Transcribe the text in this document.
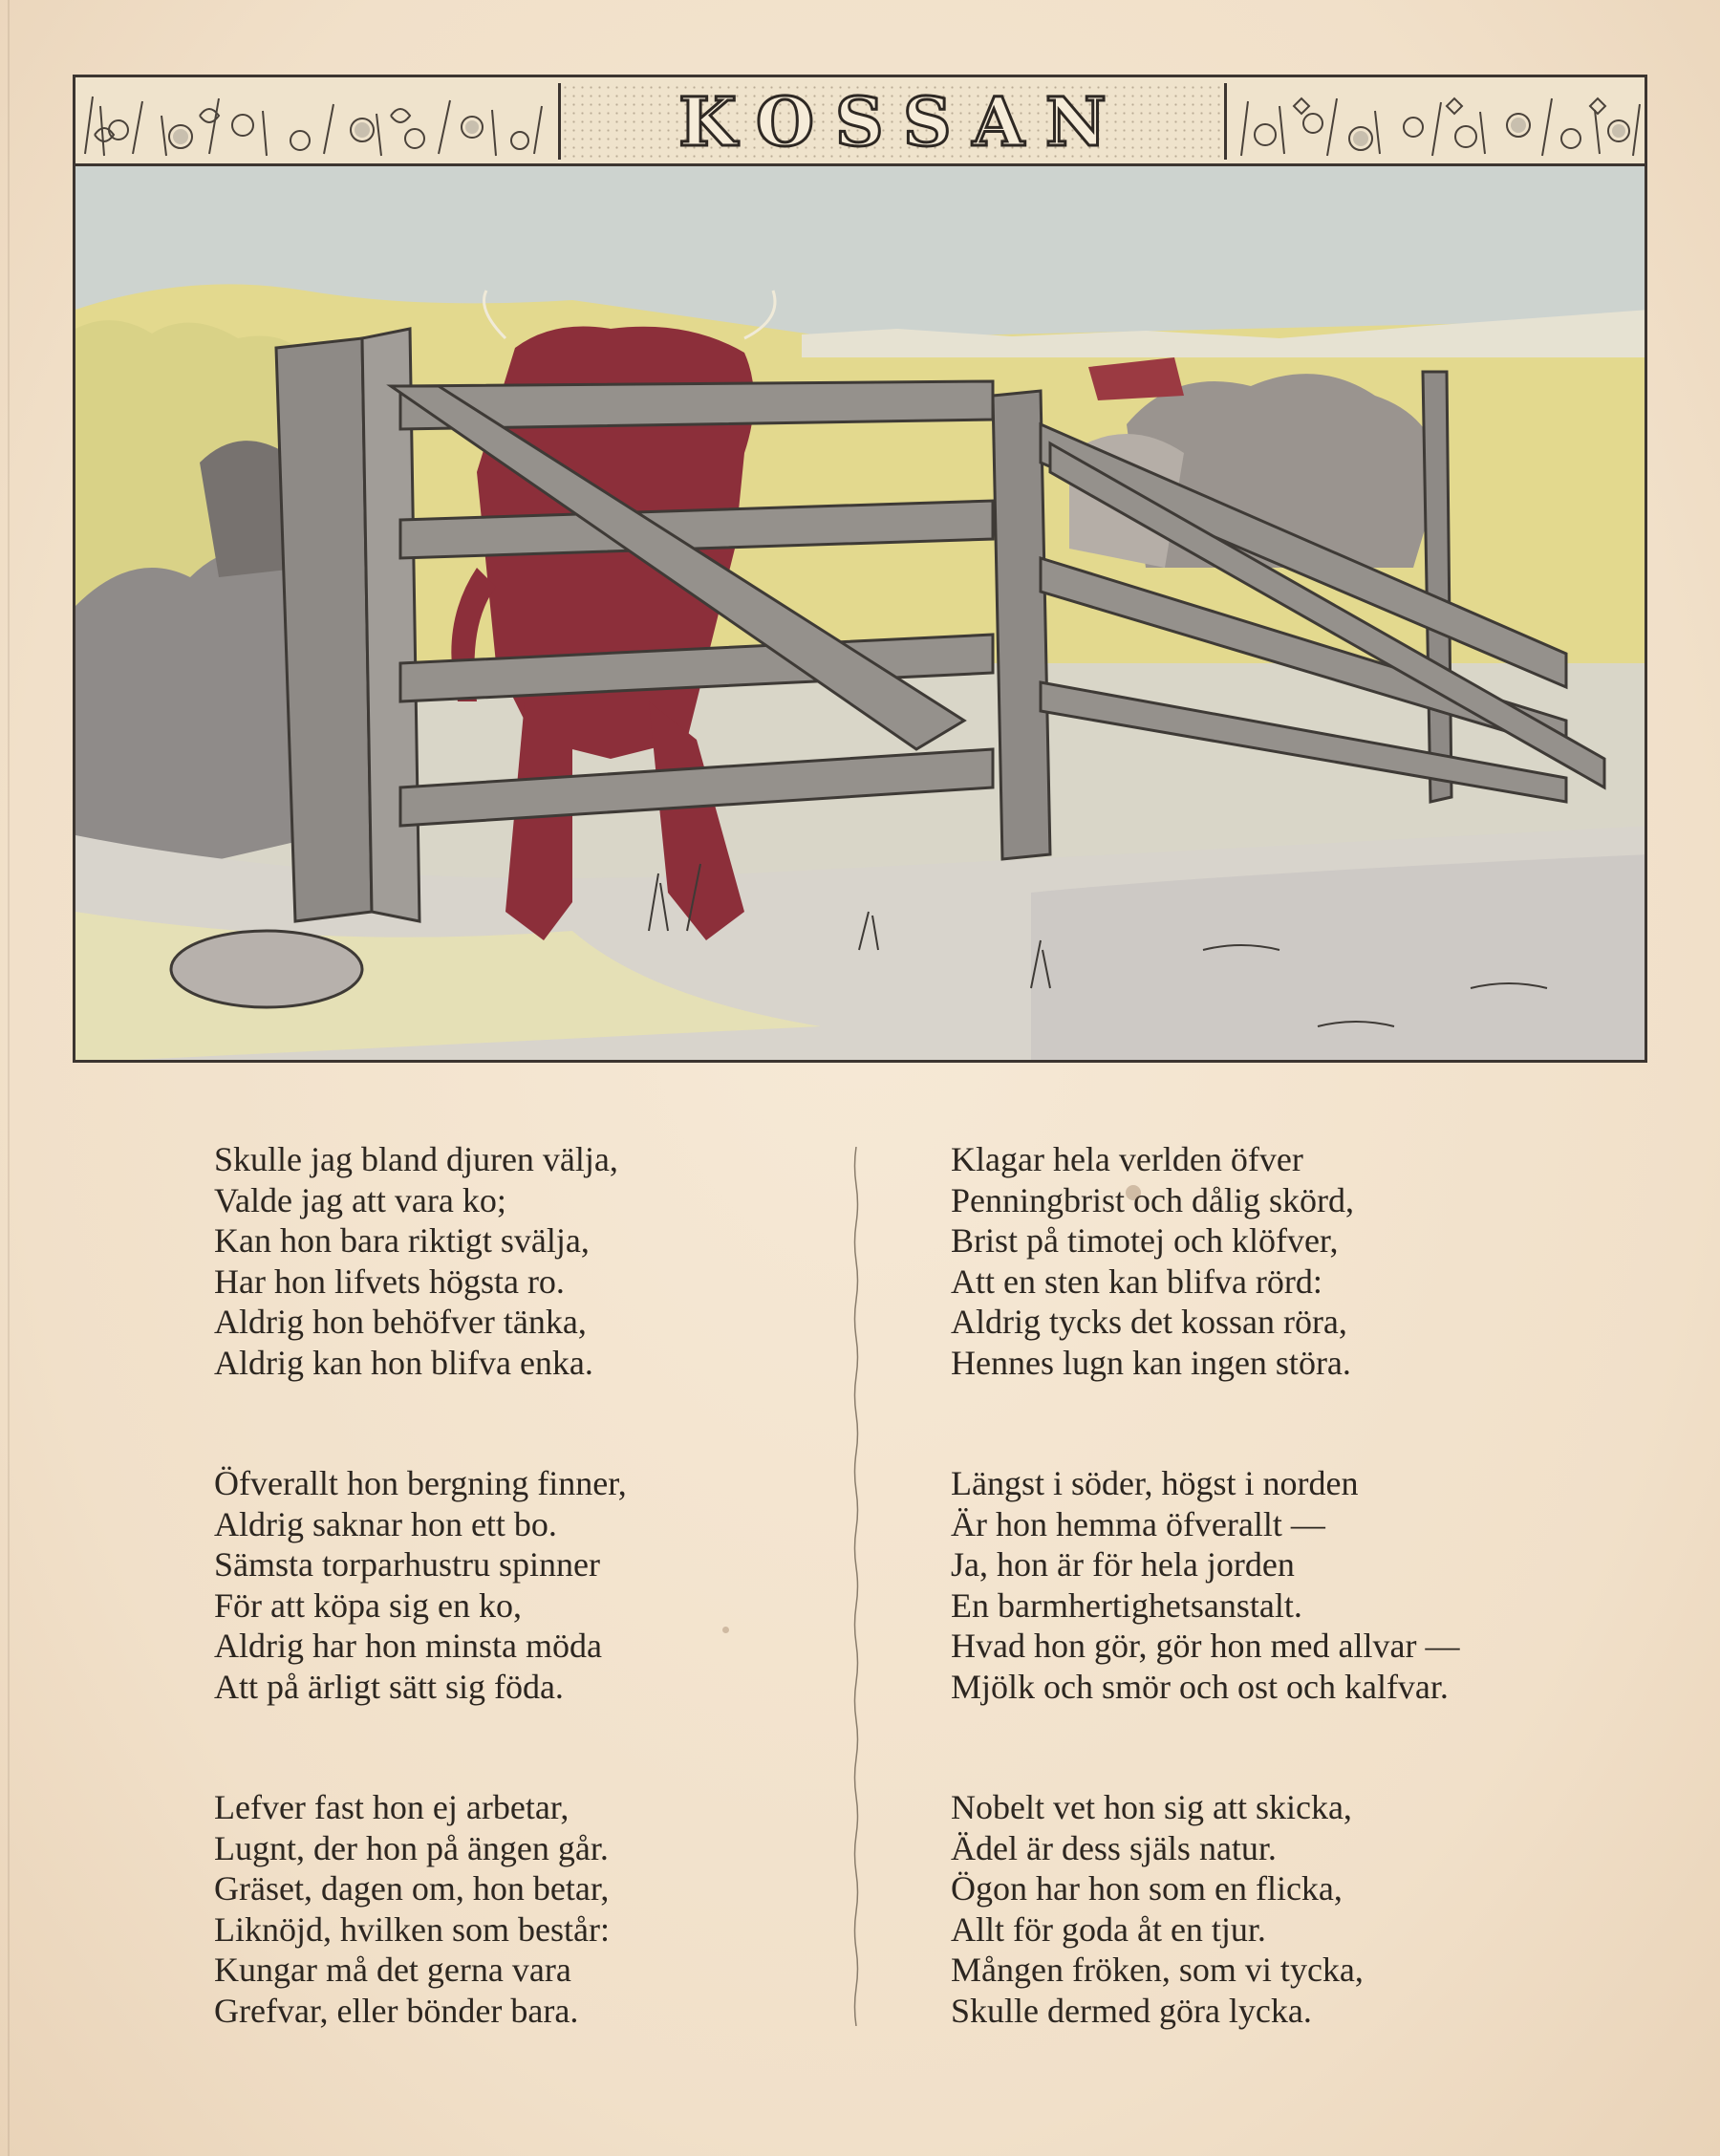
KOSSAN
Skulle jag bland djuren välja,
Valde jag att vara ko;
Kan hon bara riktigt svälja,
Har hon lifvets högsta ro.
Aldrig hon behöfver tänka,
Aldrig kan hon blifva enka.
Öfverallt hon bergning finner,
Aldrig saknar hon ett bo.
Sämsta torparhustru spinner
För att köpa sig en ko,
Aldrig har hon minsta möda
Att på ärligt sätt sig föda.
Lefver fast hon ej arbetar,
Lugnt, der hon på ängen går.
Gräset, dagen om, hon betar,
Liknöjd, hvilken som består:
Kungar må det gerna vara
Grefvar, eller bönder bara.
Klagar hela verlden öfver
Penningbrist och dålig skörd,
Brist på timotej och klöfver,
Att en sten kan blifva rörd:
Aldrig tycks det kossan röra,
Hennes lugn kan ingen störa.
Längst i söder, högst i norden
Är hon hemma öfverallt —
Ja, hon är för hela jorden
En barmhertighetsanstalt.
Hvad hon gör, gör hon med allvar —
Mjölk och smör och ost och kalfvar.
Nobelt vet hon sig att skicka,
Ädel är dess själs natur.
Ögon har hon som en flicka,
Allt för goda åt en tjur.
Mången fröken, som vi tycka,
Skulle dermed göra lycka.
